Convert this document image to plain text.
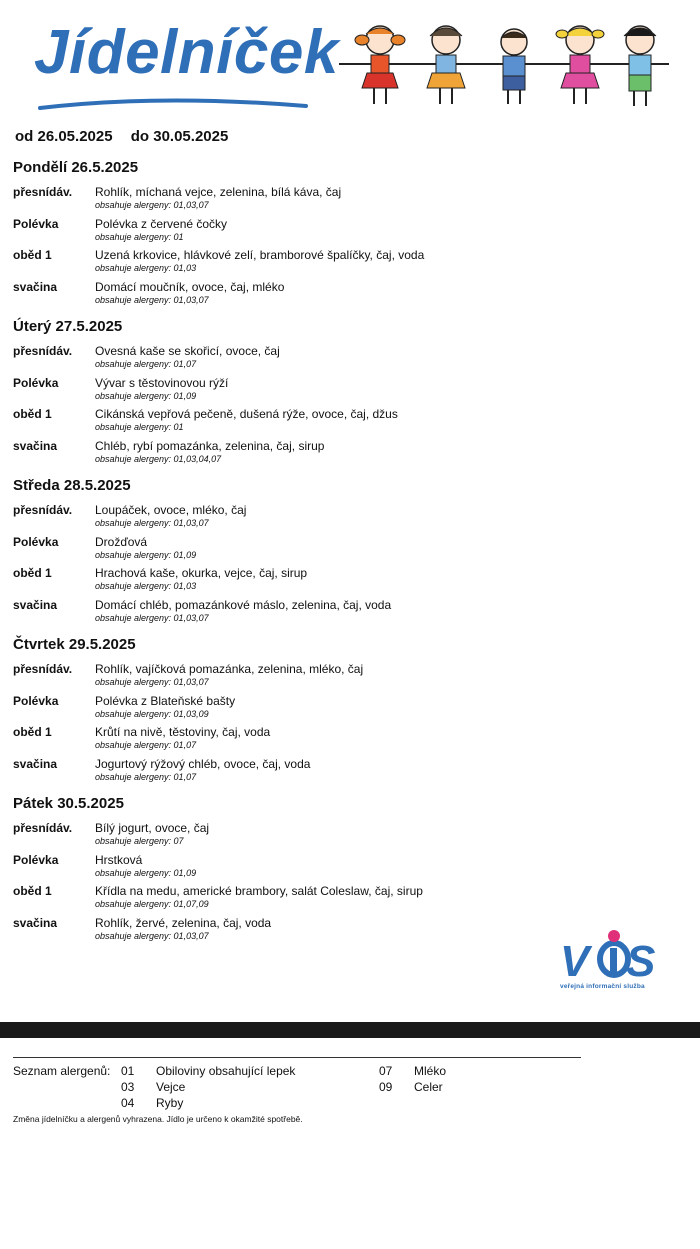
Jídelníček
od 26.05.2025 do 30.05.2025
Pondělí 26.5.2025
přesnídáv.	Rohlík, míchaná vejce, zelenina, bílá káva, čaj
obsahuje alergeny: 01,03,07
Polévka	Polévka z červené čočky
obsahuje alergeny: 01
oběd 1	Uzená krkovice, hlávkové zelí, bramborové špalíčky, čaj, voda
obsahuje alergeny: 01,03
svačina	Domácí moučník, ovoce, čaj, mléko
obsahuje alergeny: 01,03,07
Úterý 27.5.2025
přesnídáv.	Ovesná kaše se skořicí, ovoce, čaj
obsahuje alergeny: 01,07
Polévka	Vývar s těstovinovou rýží
obsahuje alergeny: 01,09
oběd 1	Cikánská vepřová pečeně, dušená rýže, ovoce, čaj, džus
obsahuje alergeny: 01
svačina	Chléb, rybí pomazánka, zelenina, čaj, sirup
obsahuje alergeny: 01,03,04,07
Středa 28.5.2025
přesnídáv.	Loupáček, ovoce, mléko, čaj
obsahuje alergeny: 01,03,07
Polévka	Drožďová
obsahuje alergeny: 01,09
oběd 1	Hrachová kaše, okurka, vejce, čaj, sirup
obsahuje alergeny: 01,03
svačina	Domácí chléb, pomazánkové máslo, zelenina, čaj, voda
obsahuje alergeny: 01,03,07
Čtvrtek 29.5.2025
přesnídáv.	Rohlík, vajíčková pomazánka, zelenina, mléko, čaj
obsahuje alergeny: 01,03,07
Polévka	Polévka z Blateňské bašty
obsahuje alergeny: 01,03,09
oběd 1	Krůtí na nivě, těstoviny, čaj, voda
obsahuje alergeny: 01,07
svačina	Jogurtový rýžový chléb, ovoce, čaj, voda
obsahuje alergeny: 01,07
Pátek 30.5.2025
přesnídáv.	Bílý jogurt, ovoce, čaj
obsahuje alergeny: 07
Polévka	Hrstková
obsahuje alergeny: 01,09
oběd 1	Křídla na medu, americké brambory, salát Coleslaw, čaj, sirup
obsahuje alergeny: 01,07,09
svačina	Rohlík, žervé, zelenina, čaj, voda
obsahuje alergeny: 01,03,07
V S
veřejná informační služba
Seznam alergenů: 01	Obiloviny obsahující lepek
03	Vejce
04	Ryby
07	Mléko
09	Celer
Změna jídelníčku a alergenů vyhrazena. Jídlo je určeno k okamžité spotřebě.
